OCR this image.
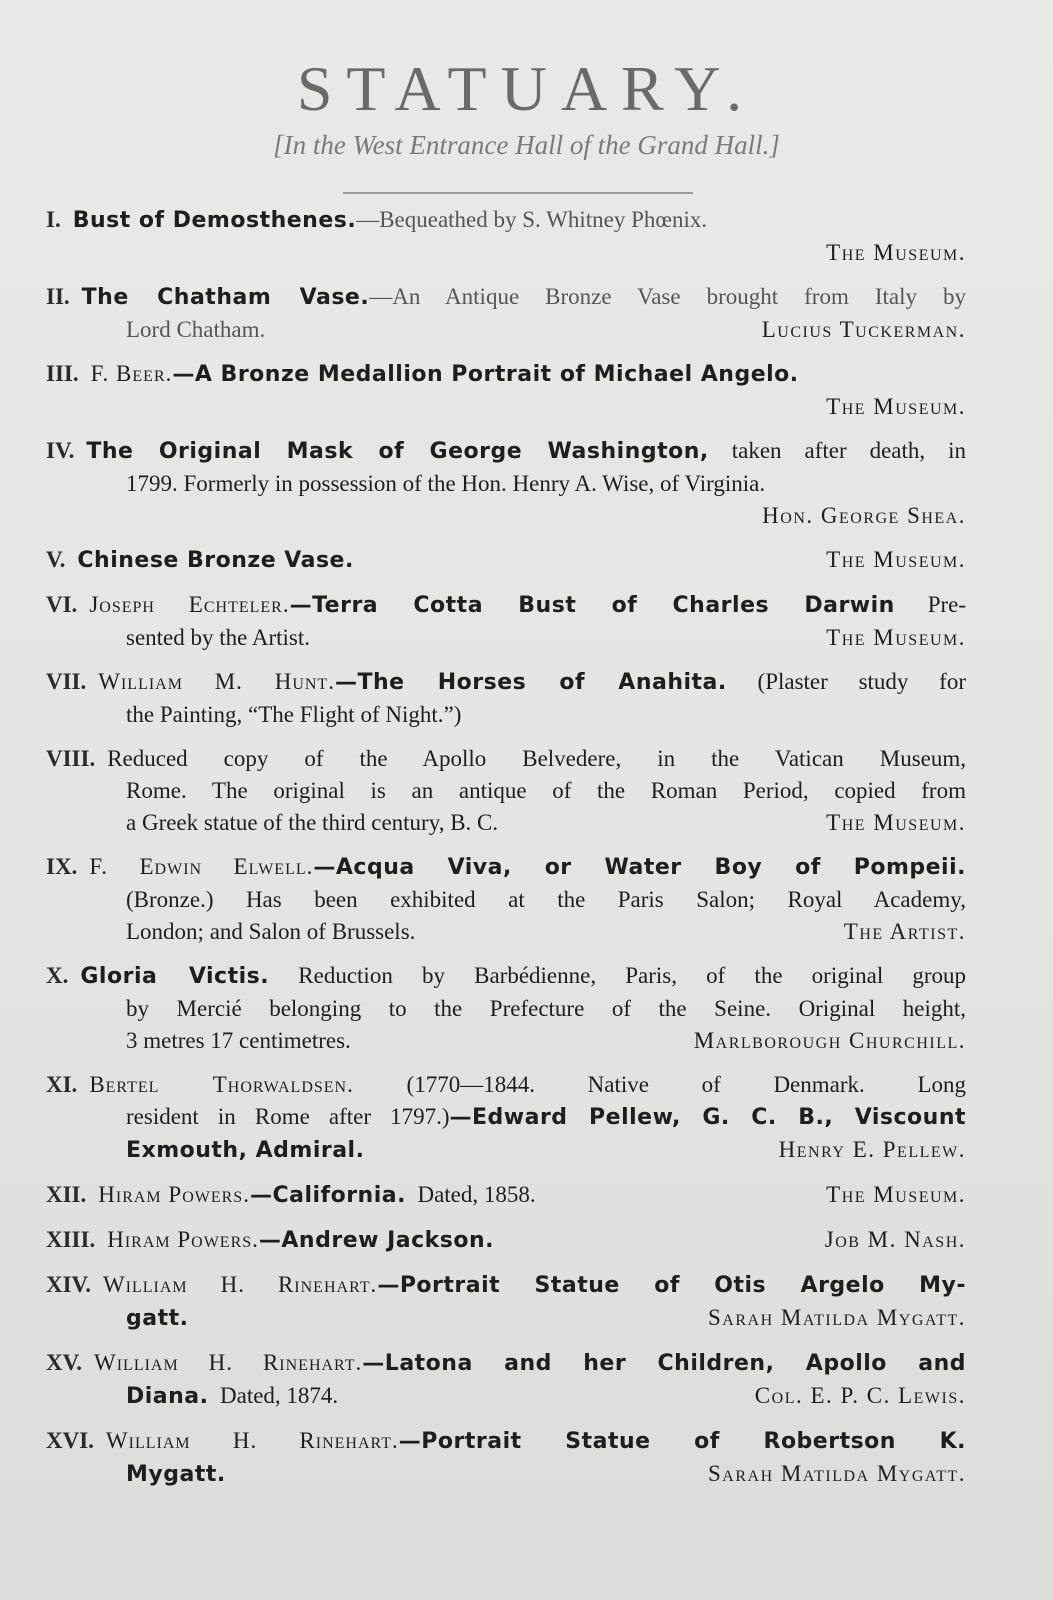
STATUARY.
[In the West Entrance Hall of the Grand Hall.]
I. Bust of Demosthenes.—Bequeathed by S. Whitney Phœnix.
The Museum.
II. The Chatham Vase.—An Antique Bronze Vase brought from Italy by
Lord Chatham.	Lucius Tuckerman.
III. F. Beer.—A Bronze Medallion Portrait of Michael Angelo.
The Museum.
IV. The Original Mask of George Washington, taken after death, in
1799. Formerly in possession of the Hon. Henry A. Wise, of Virginia.
Hon. George Shea.
V. Chinese Bronze Vase.	The Museum.
VI. Joseph Echteler.—Terra Cotta Bust of Charles Darwin Pre-
sented by the Artist.	The Museum.
VII. William M. Hunt.—The Horses of Anahita. (Plaster study for
the Painting, “The Flight of Night.”)
VIII. Reduced copy of the Apollo Belvedere, in the Vatican Museum,
Rome. The original is an antique of the Roman Period, copied from
a Greek statue of the third century, B. C.	The Museum.
IX. F. Edwin Elwell.—Acqua Viva, or Water Boy of Pompeii.
(Bronze.) Has been exhibited at the Paris Salon; Royal Academy,
London; and Salon of Brussels.	The Artist.
X. Gloria Victis. Reduction by Barbédienne, Paris, of the original group
by Mercié belonging to the Prefecture of the Seine. Original height,
3 metres 17 centimetres.	Marlborough Churchill.
XI. Bertel Thorwaldsen. (1770—1844. Native of Denmark. Long
resident in Rome after 1797.)—Edward Pellew, G. C. B., Viscount
Exmouth, Admiral.	Henry E. Pellew.
XII. Hiram Powers.—California. Dated, 1858.	The Museum.
XIII. Hiram Powers.—Andrew Jackson.	Job M. Nash.
XIV. William H. Rinehart.—Portrait Statue of Otis Argelo My-
gatt.	Sarah Matilda Mygatt.
XV. William H. Rinehart.—Latona and her Children, Apollo and
Diana. Dated, 1874.	Col. E. P. C. Lewis.
XVI. William H. Rinehart.—Portrait Statue of Robertson K.
Mygatt.	Sarah Matilda Mygatt.
